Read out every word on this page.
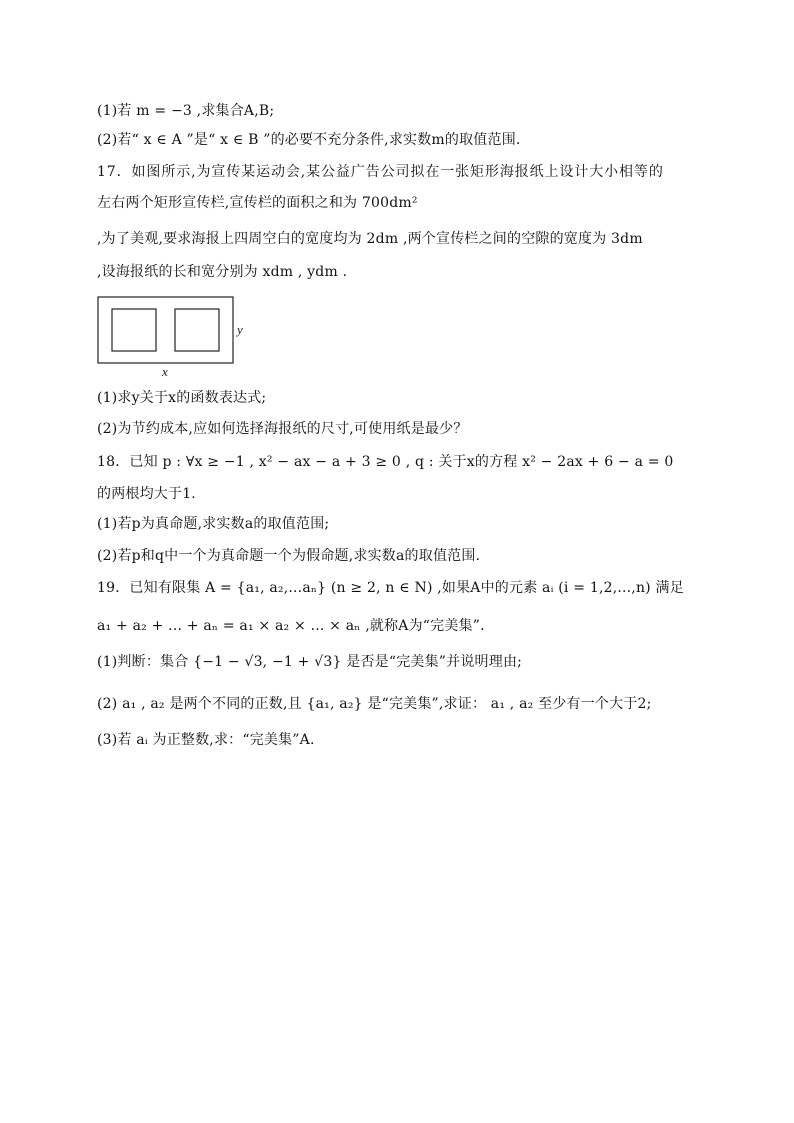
(1)若 m = −3 ,求集合A,B;
(2)若“ x ∈ A ”是“ x ∈ B ”的必要不充分条件,求实数m的取值范围.
17．如图所示,为宣传某运动会,某公益广告公司拟在一张矩形海报纸上设计大小相等的
左右两个矩形宣传栏,宣传栏的面积之和为 700dm²
,为了美观,要求海报上四周空白的宽度均为 2dm ,两个宣传栏之间的空隙的宽度为 3dm
,设海报纸的长和宽分别为 xdm , ydm .
y
x
(1)求y关于x的函数表达式;
(2)为节约成本,应如何选择海报纸的尺寸,可使用纸是最少？
18．已知 p : ∀x ≥ −1 , x² − ax − a + 3 ≥ 0 , q : 关于x的方程 x² − 2ax + 6 − a = 0
的两根均大于1.
(1)若p为真命题,求实数a的取值范围;
(2)若p和q中一个为真命题一个为假命题,求实数a的取值范围.
19．已知有限集 A = {a₁, a₂,...aₙ} (n ≥ 2, n ∈ N) ,如果A中的元素 aᵢ (i = 1,2,...,n) 满足
a₁ + a₂ + ... + aₙ = a₁ × a₂ × ... × aₙ ,就称A为“完美集”.
(1)判断：集合 {−1 − √3, −1 + √3} 是否是“完美集”并说明理由;
(2) a₁ , a₂ 是两个不同的正数,且 {a₁, a₂} 是“完美集”,求证： a₁ , a₂ 至少有一个大于2;
(3)若 aᵢ 为正整数,求：“完美集”A.
